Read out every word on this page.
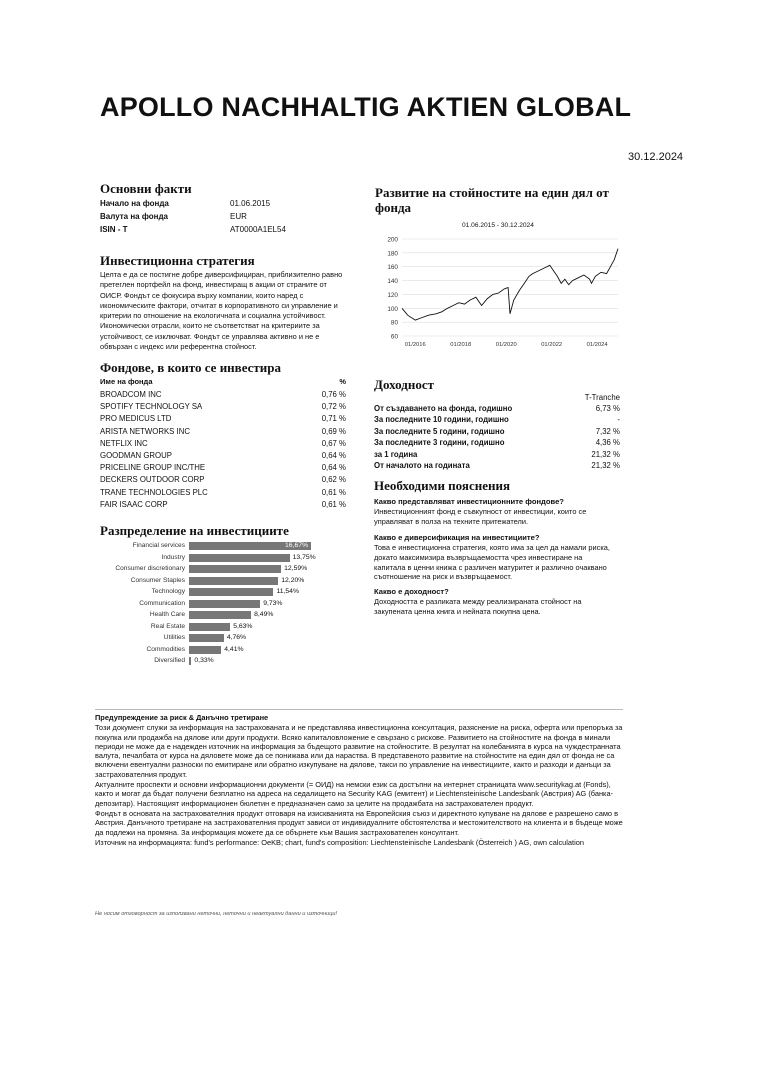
APOLLO NACHHALTIG AKTIEN GLOBAL
30.12.2024
Основни факти
Начало на фонда	01.06.2015
Валута на фонда	EUR
ISIN - T	AT0000A1EL54
Инвестиционна стратегия
Целта е да се постигне добре диверсифициран, приблизително равно претеглен портфейл на фонд, инвестиращ в акции от страните от ОИСР. Фондът се фокусира върху компании, които наред с икономическите фактори, отчитат в корпоративното си управление и критерии по отношение на екологичната и социална устойчивост. Икономически отрасли, които не съответстват на критериите за устойчивост, се изключват. Фондът се управлява активно и не е обвързан с индекс или референтна стойност.
Фондове, в които се инвестира
Име на фонда	%
BROADCOM INC	0,76 %
SPOTIFY TECHNOLOGY SA	0,72 %
PRO MEDICUS LTD	0,71 %
ARISTA NETWORKS INC	0,69 %
NETFLIX INC	0,67 %
GOODMAN GROUP	0,64 %
PRICELINE GROUP INC/THE	0,64 %
DECKERS OUTDOOR CORP	0,62 %
TRANE TECHNOLOGIES PLC	0,61 %
FAIR ISAAC CORP	0,61 %
Разпределение на инвестициите
Financial services	16,67%
Industry	13,75%
Consumer discretionary	12,59%
Consumer Staples	12,20%
Technology	11,54%
Communication	9,73%
Health Care	8,49%
Real Estate	5,63%
Utilities	4,76%
Commodities	4,41%
Diversified 0,33%
Развитие на стойностите на един дял от фонда
01.06.2015 - 30.12.2024
60
80
100
120
140
160
180
200
01/2016	01/2018	01/2020	01/2022	01/2024
Доходност
T-Tranche
От създаването на фонда, годишно	6,73 %
За последните 10 години, годишно	-
За последните 5 години, годишно	7,32 %
За последните 3 години, годишно	4,36 %
за 1 година	21,32 %
От началото на годината	21,32 %
Необходими пояснения
Какво представляват инвестиционните фондове?
Инвестиционният фонд е съвкупност от инвестиции, които се управляват в полза на техните притежатели.
Какво е диверсификация на инвестициите?
Това е инвестиционна стратегия, която има за цел да намали риска, докато максимизира възвръщаемостта чрез инвестиране на капитала в ценни книжа с различен матуритет и различно очаквано съотношение на риск и възвръщаемост.
Какво е доходност?
Доходността е разликата между реализираната стойност на закупената ценна книга и нейната покупна цена.

Предупреждение за риск & Данъчно третиране

Този документ служи за информация на застрахованата и не представлява инвестиционна консултация, разяснение на риска, оферта или препоръка за покупка или продажба на дяловe или други продукти. Всяко капиталовложение е свързано с рискове. Развитието на стойностите на фонда в минали периоди не може да е надежден източник на информация за бъдещото развитие на стойностите. В резултат на колебанията в курса на чуждестранната валута, печалбата от курса на дяловете може да се понижава или да нараства. В представеното развитие на стойностите на един дял от фонда не са включени евентуални разноски по емитиране или обратно изкупуване на дялове, такси по управление на инвестициите, както и разходи и данъци за застрахователния продукт.

Актуалните проспекти и основни информационни документи (= ОИД) на немски език са достъпни на интернет страницата www.securitykag.at (Fonds), както и могат да бъдат получени безплатно на адреса на седалището на Security KAG (емитент) и Liechtensteinische Landesbank (Австрия) AG (банка-депозитар). Настоящият информационен бюлетин е предназначен само за целите на продажбата на застрахователен продукт.

Фондът в основата на застрахователния продукт отговаря на изискванията на Европейския съюз и директното купуване на дялове е разрешено само в Австрия. Данъчното третиране на застрахователния продукт зависи от индивидуалните обстоятелства и местожителството на клиента и в бъдеще може да подлежи на промяна. За информация можете да се обърнете към Вашия застрахователен консултант.

Източник на информацията: fund's performance: OeKB; chart, fund's composition: Liechtensteinische Landesbank (Österreich ) AG, own calculation

Не носим отговорност за използвани неточни, неточни и неактуални данни и източници!
